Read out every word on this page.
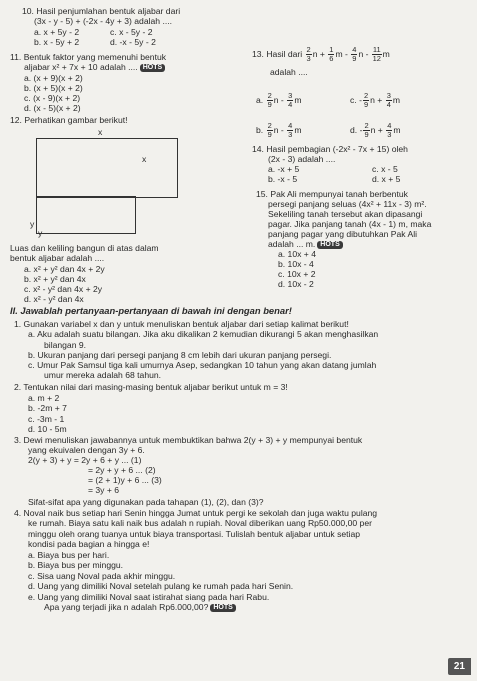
10. Hasil penjumlahan bentuk aljabar dari
(3x - y - 5) + (-2x - 4y + 3) adalah ....
a. x + 5y - 2
b. x - 5y + 2
c. x - 5y - 2
d. -x - 5y - 2
11. Bentuk faktor yang memenuhi bentuk
aljabar x² + 7x + 10 adalah .... HOTS
a. (x + 9)(x + 2)
b. (x + 5)(x + 2)
c. (x - 9)(x + 2)
d. (x - 5)(x + 2)
12. Perhatikan gambar berikut!
x
x
y
y
Luas dan keliling bangun di atas dalam
bentuk aljabar adalah ....
a. x² + y² dan 4x + 2y
b. x² + y² dan 4x
c. x² - y² dan 4x + 2y
d. x² - y² dan 4x
13. Hasil dari $\frac{2}{3}$ $n + \frac{1}{6}$ m - $\frac{4}{9}$ n - $\frac{11}{12}$ m
adalah ....
a. $\frac{2}{9}$ n - $\frac{3}{4}$ m	c. - $\frac{2}{9}$ $n + \frac{3}{4}$ m
b. $\frac{2}{9}$ n - $\frac{4}{3}$ m	d. - $\frac{2}{9}$ $n + \frac{4}{3}$ m
14. Hasil pembagian (-2x² - 7x + 15) oleh
(2x - 3) adalah ....
a. -x + 5
b. -x - 5
c. x - 5
d. x + 5
15. Pak Ali mempunyai tanah berbentuk
persegi panjang seluas (4x² + 11x - 3) m².
Sekeliling tanah tersebut akan dipasangi
pagar. Jika panjang tanah (4x - 1) m, maka
panjang pagar yang dibutuhkan Pak Ali
adalah ... m. HOTS
a. 10x + 4
b. 10x - 4
c. 10x + 2
d. 10x - 2
II. Jawablah pertanyaan-pertanyaan di bawah ini dengan benar!
1. Gunakan variabel x dan y untuk menuliskan bentuk aljabar dari setiap kalimat berikut!
a. Aku adalah suatu bilangan. Jika aku dikalikan 2 kemudian dikurangi 5 akan menghasilkan
bilangan 9.
b. Ukuran panjang dari persegi panjang 8 cm lebih dari ukuran panjang persegi.
c. Umur Pak Samsul tiga kali umurnya Asep, sedangkan 10 tahun yang akan datang jumlah
umur mereka adalah 68 tahun.
2. Tentukan nilai dari masing-masing bentuk aljabar berikut untuk m = 3!
a. m + 2
b. -2m + 7
c. -3m - 1
d. 10 - 5m
3. Dewi menuliskan jawabannya untuk membuktikan bahwa 2(y + 3) + y mempunyai bentuk
yang ekuivalen dengan 3y + 6.
2(y + 3) + y = 2y + 6 + y ... (1)
= 2y + y + 6 ... (2)
= (2 + 1)y + 6 ... (3)
= 3y + 6
Sifat-sifat apa yang digunakan pada tahapan (1), (2), dan (3)?
4. Noval naik bus setiap hari Senin hingga Jumat untuk pergi ke sekolah dan juga waktu pulang
ke rumah. Biaya satu kali naik bus adalah n rupiah. Noval diberikan uang Rp50.000,00 per
minggu oleh orang tuanya untuk biaya transportasi. Tulislah bentuk aljabar untuk setiap
kondisi pada bagian a hingga e!
a. Biaya bus per hari.
b. Biaya bus per minggu.
c. Sisa uang Noval pada akhir minggu.
d. Uang yang dimiliki Noval setelah pulang ke rumah pada hari Senin.
e. Uang yang dimiliki Noval saat istirahat siang pada hari Rabu.
Apa yang terjadi jika n adalah Rp6.000,00? HOTS
21
